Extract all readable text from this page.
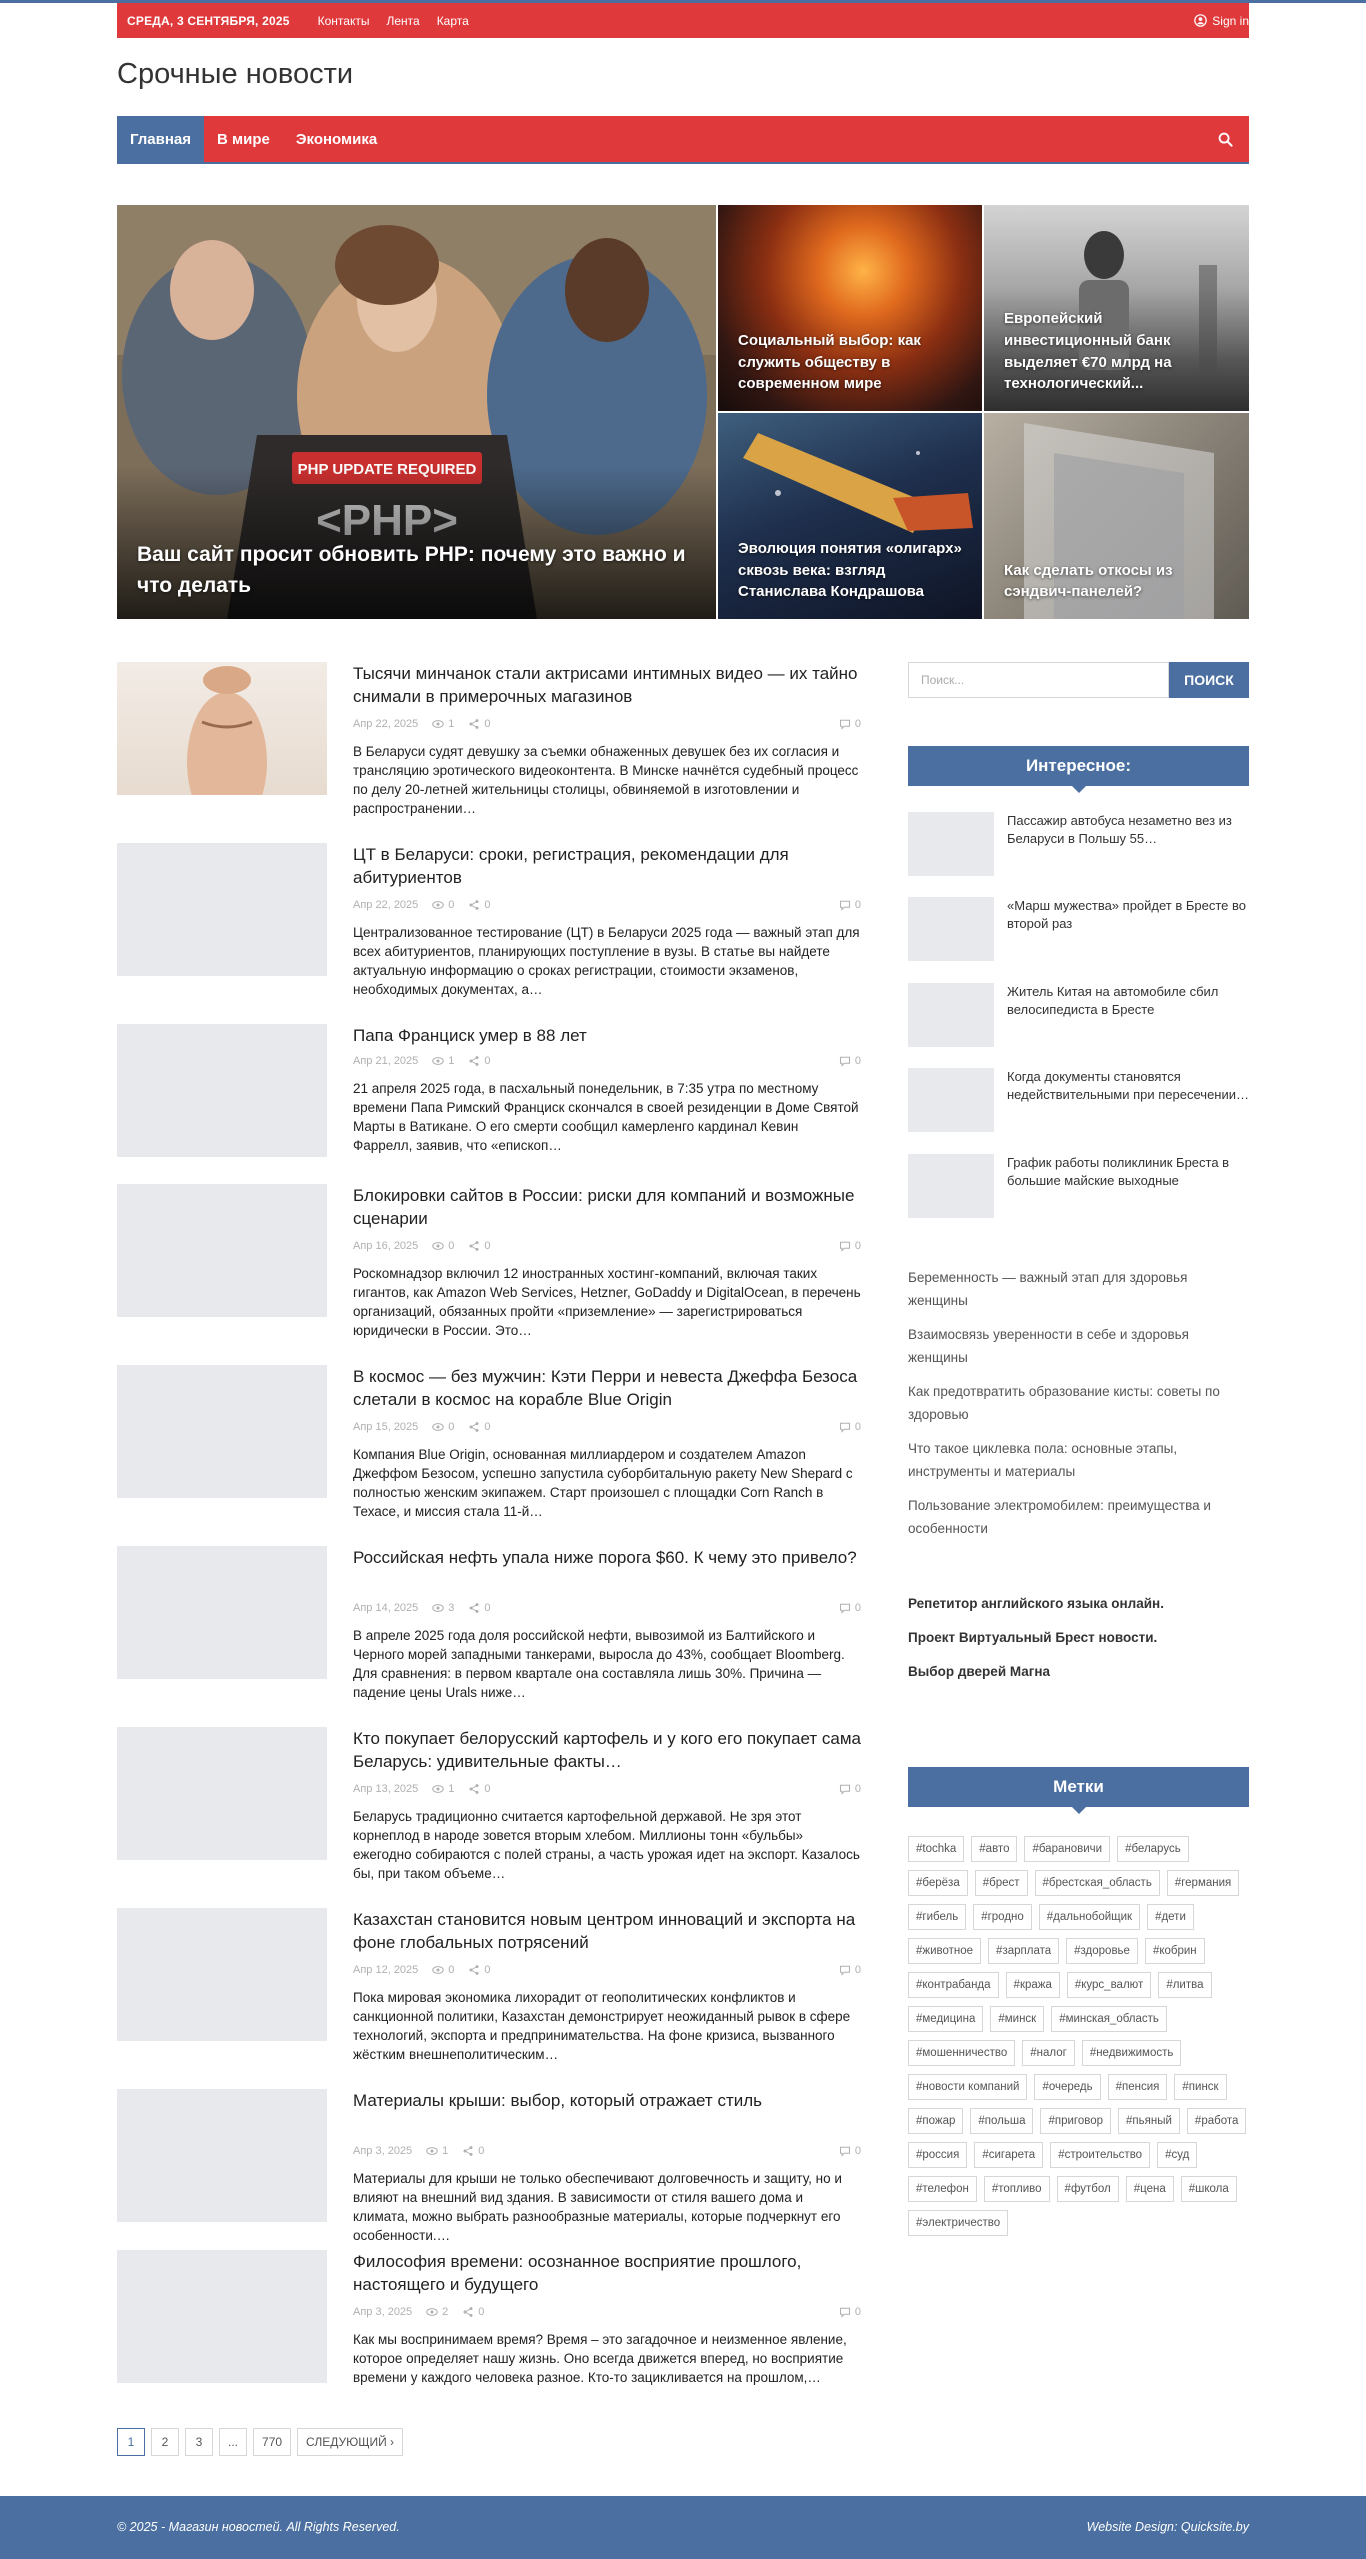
СРЕДА, 3 СЕНТЯБРЯ, 2025 Контакты Лента Карта	Sign in
Срочные новости
Главная	В мире	Экономика
Ваш сайт просит обновить PHP: почему это важно и что делать
Социальный выбор: как служить обществу в современном мире
Европейский инвестиционный банк выделяет €70 млрд на технологический...
Эволюция понятия «олигарх» сквозь века: взгляд Станислава Кондрашова
Как сделать откосы из сэндвич-панелей?
Тысячи минчанок стали актрисами интимных видео — их тайно снимали в примерочных магазинов
Апр 22, 2025	1	0	0
В Беларуси судят девушку за съемки обнаженных девушек без их согласия и трансляцию эротического видеоконтента. В Минске начнётся судебный процесс по делу 20-летней жительницы столицы, обвиняемой в изготовлении и распространении…
ЦТ в Беларуси: сроки, регистрация, рекомендации для абитуриентов
Апр 22, 2025	0	0	0
Централизованное тестирование (ЦТ) в Беларуси 2025 года — важный этап для всех абитуриентов, планирующих поступление в вузы. В статье вы найдете актуальную информацию о сроках регистрации, стоимости экзаменов, необходимых документах, а…
Папа Франциск умер в 88 лет
Апр 21, 2025	1	0	0
21 апреля 2025 года, в пасхальный понедельник, в 7:35 утра по местному времени Папа Римский Франциск скончался в своей резиденции в Доме Святой Марты в Ватикане. О его смерти сообщил камерленго кардинал Кевин Фаррелл, заявив, что «епископ…
Блокировки сайтов в России: риски для компаний и возможные сценарии
Апр 16, 2025	0	0	0
Роскомнадзор включил 12 иностранных хостинг-компаний, включая таких гигантов, как Amazon Web Services, Hetzner, GoDaddy и DigitalOcean, в перечень организаций, обязанных пройти «приземление» — зарегистрироваться юридически в России. Это…
В космос — без мужчин: Кэти Перри и невеста Джеффа Безоса слетали в космос на корабле Blue Origin
Апр 15, 2025	0	0	0
Компания Blue Origin, основанная миллиардером и создателем Amazon Джеффом Безосом, успешно запустила суборбитальную ракету New Shepard с полностью женским экипажем. Старт произошел с площадки Corn Ranch в Техасе, и миссия стала 11-й…
Российская нефть упала ниже порога $60. К чему это привело?
Апр 14, 2025	3	0	0
В апреле 2025 года доля российской нефти, вывозимой из Балтийского и Черного морей западными танкерами, выросла до 43%, сообщает Bloomberg. Для сравнения: в первом квартале она составляла лишь 30%. Причина — падение цены Urals ниже…
Кто покупает белорусский картофель и у кого его покупает сама Беларусь: удивительные факты…
Апр 13, 2025	1	0	0
Беларусь традиционно считается картофельной державой. Не зря этот корнеплод в народе зовется вторым хлебом. Миллионы тонн «бульбы» ежегодно собираются с полей страны, а часть урожая идет на экспорт. Казалось бы, при таком объеме…
Казахстан становится новым центром инноваций и экспорта на фоне глобальных потрясений
Апр 12, 2025	0	0	0
Пока мировая экономика лихорадит от геополитических конфликтов и санкционной политики, Казахстан демонстрирует неожиданный рывок в сфере технологий, экспорта и предпринимательства. На фоне кризиса, вызванного жёстким внешнеполитическим…
Материалы крыши: выбор, который отражает стиль
Апр 3, 2025	1	0	0
Материалы для крыши не только обеспечивают долговечность и защиту, но и влияют на внешний вид здания. В зависимости от стиля вашего дома и климата, можно выбрать разнообразные материалы, которые подчеркнут его особенности.…
Философия времени: осознанное восприятие прошлого, настоящего и будущего
Апр 3, 2025	2	0	0
Как мы воспринимаем время? Время – это загадочное и неизменное явление, которое определяет нашу жизнь. Оно всегда движется вперед, но восприятие времени у каждого человека разное. Кто-то зацикливается на прошлом,…
1	2	3	...	770	СЛЕДУЮЩИЙ
›
Поиск...
ПОИСК
Интересное:
Пассажир автобуса незаметно вез из Беларуси в Польшу 55…
«Марш мужества» пройдет в Бресте во второй раз
Житель Китая на автомобиле сбил велосипедиста в Бресте
Когда документы становятся недействительными при пересечении…
График работы поликлиник Бреста в большие майские выходные
Беременность — важный этап для здоровья женщины
Взаимосвязь уверенности в себе и здоровья женщины
Как предотвратить образование кисты: советы по здоровью
Что такое циклевка пола: основные этапы, инструменты и материалы
Пользование электромобилем: преимущества и особенности
Репетитор английского языка онлайн.
Проект Виртуальный Брест новости.
Выбор дверей Магна
Метки
#tochka	#авто	#барановичи	#беларусь
#берёза	#брест	#брестская_область	#германия
#гибель	#гродно	#дальнобойщик	#дети
#животное	#зарплата	#здоровье	#кобрин
#контрабанда	#кража	#курс_валют	#литва
#медицина	#минск	#минская_область
#мошенничество	#налог	#недвижимость
#новости компаний	#очередь	#пенсия	#пинск
#пожар	#польша	#приговор	#пьяный	#работа
#россия	#сигарета	#строительство	#суд
#телефон	#топливо	#футбол	#цена	#школа
#электричество
© 2025 - Магазин новостей. All Rights Reserved.	Website Design: Quicksite.by
